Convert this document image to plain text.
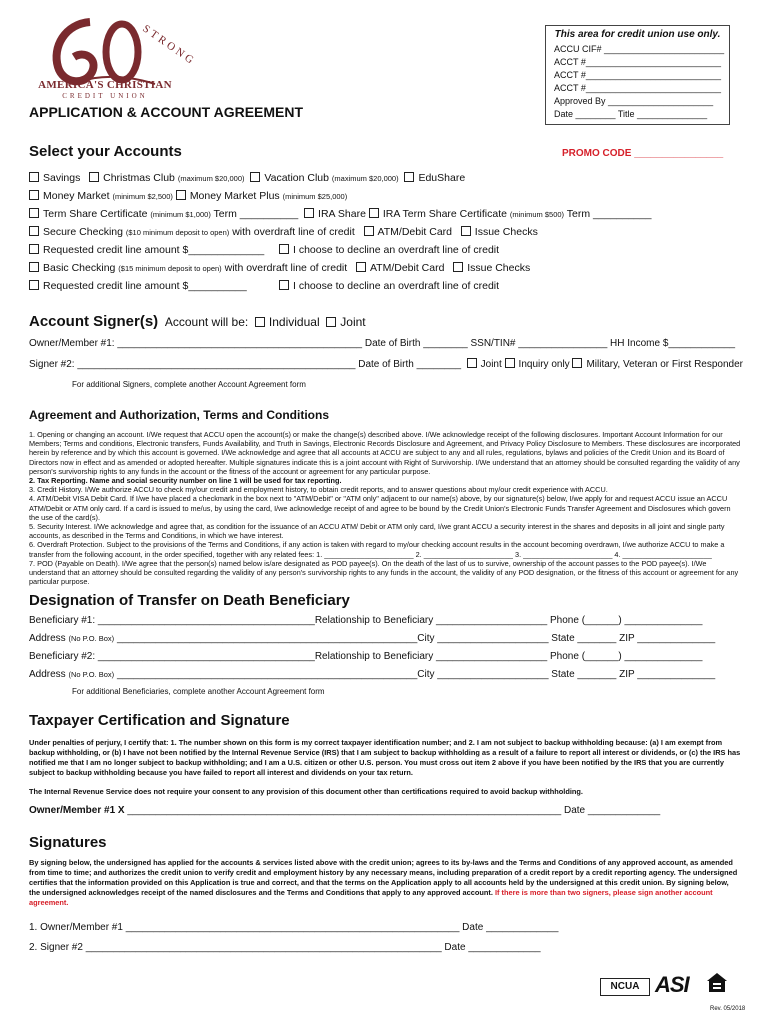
STRONG
AMERICA'S CHRISTIAN
CREDIT UNION
APPLICATION & ACCOUNT AGREEMENT
This area for credit union use only.
ACCU CIF# ________________________
ACCT #___________________________
ACCT #___________________________
ACCT #___________________________
Approved By _____________________
Date ________ Title ______________
Select your Accounts	PROMO CODE ________________
Savings Christmas Club (maximum $20,000) Vacation Club (maximum $20,000) EduShare
Money Market (minimum $2,500) Money Market Plus (minimum $25,000)
Term Share Certificate (minimum $1,000) Term __________ IRA Share IRA Term Share Certificate (minimum $500) Term __________
Secure Checking ($10 minimum deposit to open) with overdraft line of credit ATM/Debit Card Issue Checks
Requested credit line amount $_____________	I choose to decline an overdraft line of credit
Basic Checking ($15 minimum deposit to open) with overdraft line of credit ATM/Debit Card Issue Checks
Requested credit line amount $__________	I choose to decline an overdraft line of credit
Account Signer(s) Account will be: Individual Joint
Owner/Member #1: ____________________________________________ Date of Birth ________ SSN/TIN# ________________ HH Income $____________
Signer #2: __________________________________________________ Date of Birth ________ Joint Inquiry only Military, Veteran or First Responder
For additional Signers, complete another Account Agreement form
Agreement and Authorization, Terms and Conditions

1. Opening or changing an account. I/We request that ACCU open the account(s) or make the change(s) described above. I/We acknowledge receipt of the following disclosures. Important Account Information for our Members; Terms and conditions, Electronic transfers, Funds Availability, and Truth in Savings, Electronic Records Disclosure and Agreement, and Privacy Policy Disclosure to Members. These disclosures are incorporated herein by reference and by which this account is governed. I/We acknowledge and agree that all accounts at ACCU are subject to any and all rules, regulations, bylaws and policies of the Credit Union and its Board of Directors now in effect and as amended or adopted hereafter. Multiple signatures indicate this is a joint account with Right of Survivorship. I/We understand that an attorney should be consulted regarding the validity of any person's survivorship rights to any funds in the account or the fitness of the account or agreement for any particular purpose.

2. Tax Reporting. Name and social security number on line 1 will be used for tax reporting.

3. Credit History. I/We authorize ACCU to check my/our credit and employment history, to obtain credit reports, and to answer questions about my/our credit experience with ACCU.

4. ATM/Debit VISA Debit Card. If I/we have placed a checkmark in the box next to "ATM/Debit" or "ATM only" adjacent to our name(s) above, by our signature(s) below, I/we apply for and request ACCU issue an ACCU ATM/Debit or ATM only card. If a card is issued to me/us, by using the card, I/we acknowledge receipt of and agree to be bound by the Credit Union's Electronic Funds Transfer Agreement and Disclosures which govern the use of the card(s).

5. Security Interest. I/We acknowledge and agree that, as condition for the issuance of an ACCU ATM/ Debit or ATM only card, I/we grant ACCU a security interest in the shares and deposits in all joint and single party accounts, as described in the Terms and Conditions, in which we have interest.

6. Overdraft Protection. Subject to the provisions of the Terms and Conditions, if any action is taken with regard to my/our checking account results in the account becoming overdrawn, I/we authorize ACCU to make a transfer from the following account, in the order specified, together with any related fees: 1. ______________________ 2. ______________________ 3. ______________________ 4. ______________________

7. POD (Payable on Death). I/We agree that the person(s) named below is/are designated as POD payee(s). On the death of the last of us to survive, ownership of the account passes to the POD payee(s). I/We understand that an attorney should be consulted regarding the validity of any person's survivorship rights to any funds in the account, the validity of any POD designation, or the fitness of this account or agreement for any particular purpose.

Designation of Transfer on Death Beneficiary
Beneficiary #1: _______________________________________Relationship to Beneficiary ____________________ Phone (______) ______________
Address (No P.O. Box) ______________________________________________________City ____________________ State _______ ZIP ______________
Beneficiary #2: _______________________________________Relationship to Beneficiary ____________________ Phone (______) ______________
Address (No P.O. Box) ______________________________________________________City ____________________ State _______ ZIP ______________
For additional Beneficiaries, complete another Account Agreement form
Taxpayer Certification and Signature
Under penalties of perjury, I certify that: 1. The number shown on this form is my correct taxpayer identification number; and 2. I am not subject to backup withholding because: (a) I am exempt from backup withholding, or (b) I have not been notified by the Internal Revenue Service (IRS) that I am subject to backup withholding as a result of a failure to report all interest or dividends, or (c) the IRS has notified me that I am no longer subject to backup withholding; and I am a U.S. citizen or other U.S. person. You must cross out item 2 above if you have been notified by the IRS that you are currently subject to backup withholding because you have failed to report all interest and dividends on your tax return.
The Internal Revenue Service does not require your consent to any provision of this document other than certifications required to avoid backup withholding.
Owner/Member #1 X ______________________________________________________________________________ Date _____________
Signatures
By signing below, the undersigned has applied for the accounts & services listed above with the credit union; agrees to its by-laws and the Terms and Conditions of any approved account, as amended from time to time; and authorizes the credit union to verify credit and employment history by any necessary means, including preparation of a credit report by a credit reporting agency. The undersigned certifies that the information provided on this Application is true and correct, and that the terms on the Application apply to all accounts held by the undersigned at this credit union. By signing below, the undersigned acknowledges receipt of the named disclosures and the Terms and Conditions that apply to any approved account. If there is more than two signers, please sign another account agreement.
1. Owner/Member #1 ____________________________________________________________ Date _____________
2. Signer #2 ________________________________________________________________ Date _____________
NCUA ASI
Rev. 05/2018
